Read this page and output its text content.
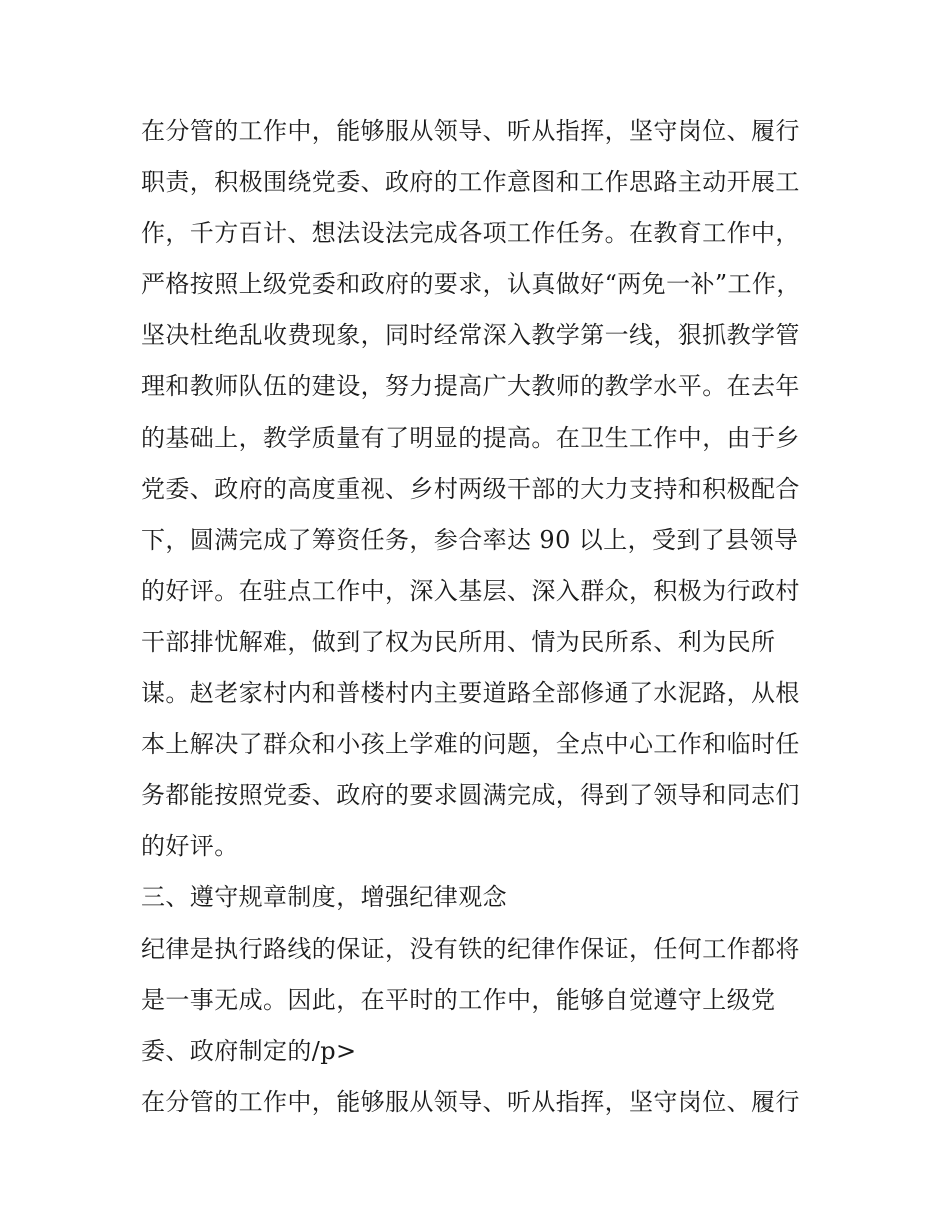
在分管的工作中，能够服从领导、听从指挥，坚守岗位、履行
职责，积极围绕党委、政府的工作意图和工作思路主动开展工
作，千方百计、想法设法完成各项工作任务。在教育工作中，
严格按照上级党委和政府的要求，认真做好“两免一补”工作，
坚决杜绝乱收费现象，同时经常深入教学第一线，狠抓教学管
理和教师队伍的建设，努力提高广大教师的教学水平。在去年
的基础上，教学质量有了明显的提高。在卫生工作中，由于乡
党委、政府的高度重视、乡村两级干部的大力支持和积极配合
下，圆满完成了筹资任务，参合率达 90 以上，受到了县领导
的好评。在驻点工作中，深入基层、深入群众，积极为行政村
干部排忧解难，做到了权为民所用、情为民所系、利为民所
谋。赵老家村内和普楼村内主要道路全部修通了水泥路，从根
本上解决了群众和小孩上学难的问题，全点中心工作和临时任
务都能按照党委、政府的要求圆满完成，得到了领导和同志们
的好评。
三、遵守规章制度，增强纪律观念
纪律是执行路线的保证，没有铁的纪律作保证，任何工作都将
是一事无成。因此，在平时的工作中，能够自觉遵守上级党
委、政府制定的/p>
在分管的工作中，能够服从领导、听从指挥，坚守岗位、履行
